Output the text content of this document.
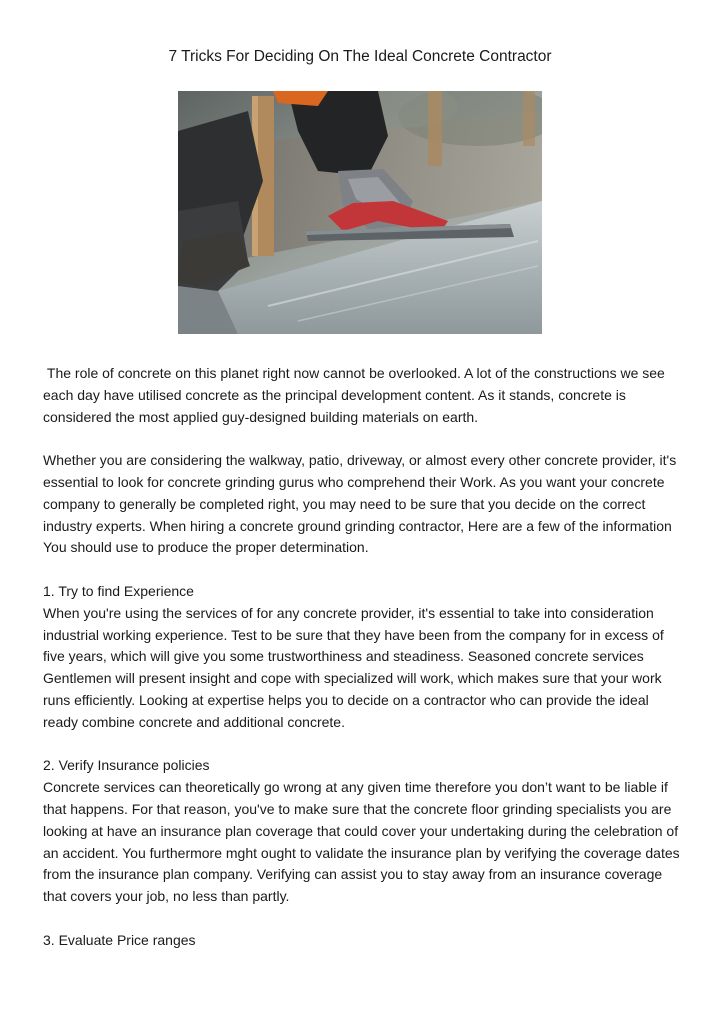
7 Tricks For Deciding On The Ideal Concrete Contractor

The role of concrete on this planet right now cannot be overlooked. A lot of the constructions we see each day have utilised concrete as the principal development content. As it stands, concrete is considered the most applied guy-designed building materials on earth.

Whether you are considering the walkway, patio, driveway, or almost every other concrete provider, it's essential to look for concrete grinding gurus who comprehend their Work. As you want your concrete company to generally be completed right, you may need to be sure that you decide on the correct industry experts. When hiring a concrete ground grinding contractor, Here are a few of the information You should use to produce the proper determination.

1. Try to find Experience

When you're using the services of for any concrete provider, it's essential to take into consideration industrial working experience. Test to be sure that they have been from the company for in excess of five years, which will give you some trustworthiness and steadiness. Seasoned concrete services Gentlemen will present insight and cope with specialized will work, which makes sure that your work runs efficiently. Looking at expertise helps you to decide on a contractor who can provide the ideal ready combine concrete and additional concrete.

2. Verify Insurance policies

Concrete services can theoretically go wrong at any given time therefore you don’t want to be liable if that happens. For that reason, you've to make sure that the concrete floor grinding specialists you are looking at have an insurance plan coverage that could cover your undertaking during the celebration of an accident. You furthermore mght ought to validate the insurance plan by verifying the coverage dates from the insurance plan company. Verifying can assist you to stay away from an insurance coverage that covers your job, no less than partly.

3. Evaluate Price ranges
